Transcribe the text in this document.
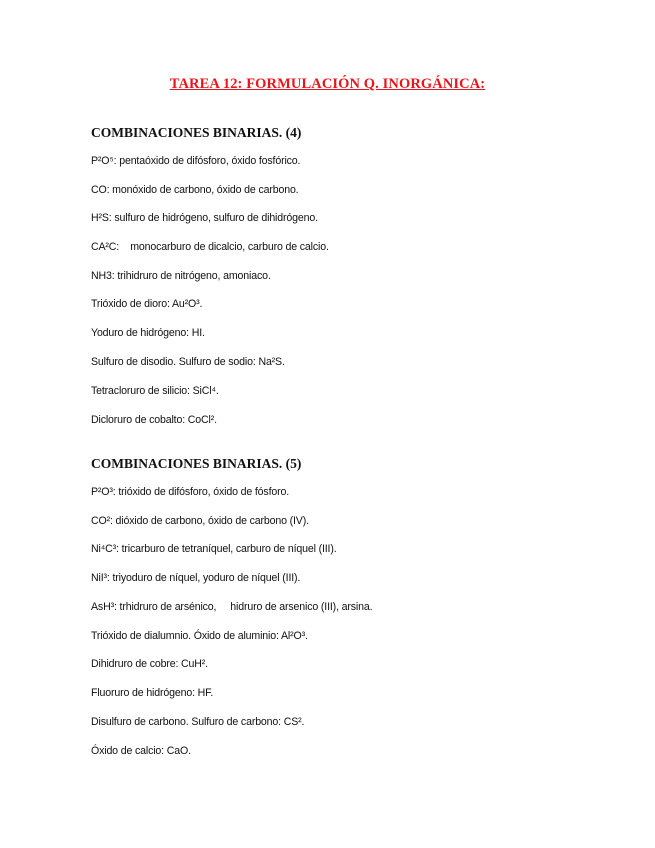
TAREA 12: FORMULACIÓN Q. INORGÁNICA:
COMBINACIONES BINARIAS. (4)
P²O⁵: pentaóxido de difósforo, óxido fosfórico.
CO: monóxido de carbono, óxido de carbono.
H²S: sulfuro de hidrógeno, sulfuro de dihidrógeno.
CA²C:    monocarburo de dicalcio, carburo de calcio.
NH3: trihidruro de nitrógeno, amoniaco.
Trióxido de dioro: Au²O³.
Yoduro de hidrógeno: HI.
Sulfuro de disodio. Sulfuro de sodio: Na²S.
Tetracloruro de silicio: SiCl⁴.
Dicloruro de cobalto: CoCl².
COMBINACIONES BINARIAS. (5)
P²O³: trióxido de difósforo, óxido de fósforo.
CO²: dióxido de carbono, óxido de carbono (IV).
Ni⁴C³: tricarburo de tetraníquel, carburo de níquel (III).
NiI³: triyoduro de níquel, yoduro de níquel (III).
AsH³: trhidruro de arsénico,     hidruro de arsenico (III), arsina.
Trióxido de dialumnio. Óxido de aluminio: Al²O³.
Dihidruro de cobre: CuH².
Fluoruro de hidrógeno: HF.
Disulfuro de carbono. Sulfuro de carbono: CS².
Óxido de calcio: CaO.
